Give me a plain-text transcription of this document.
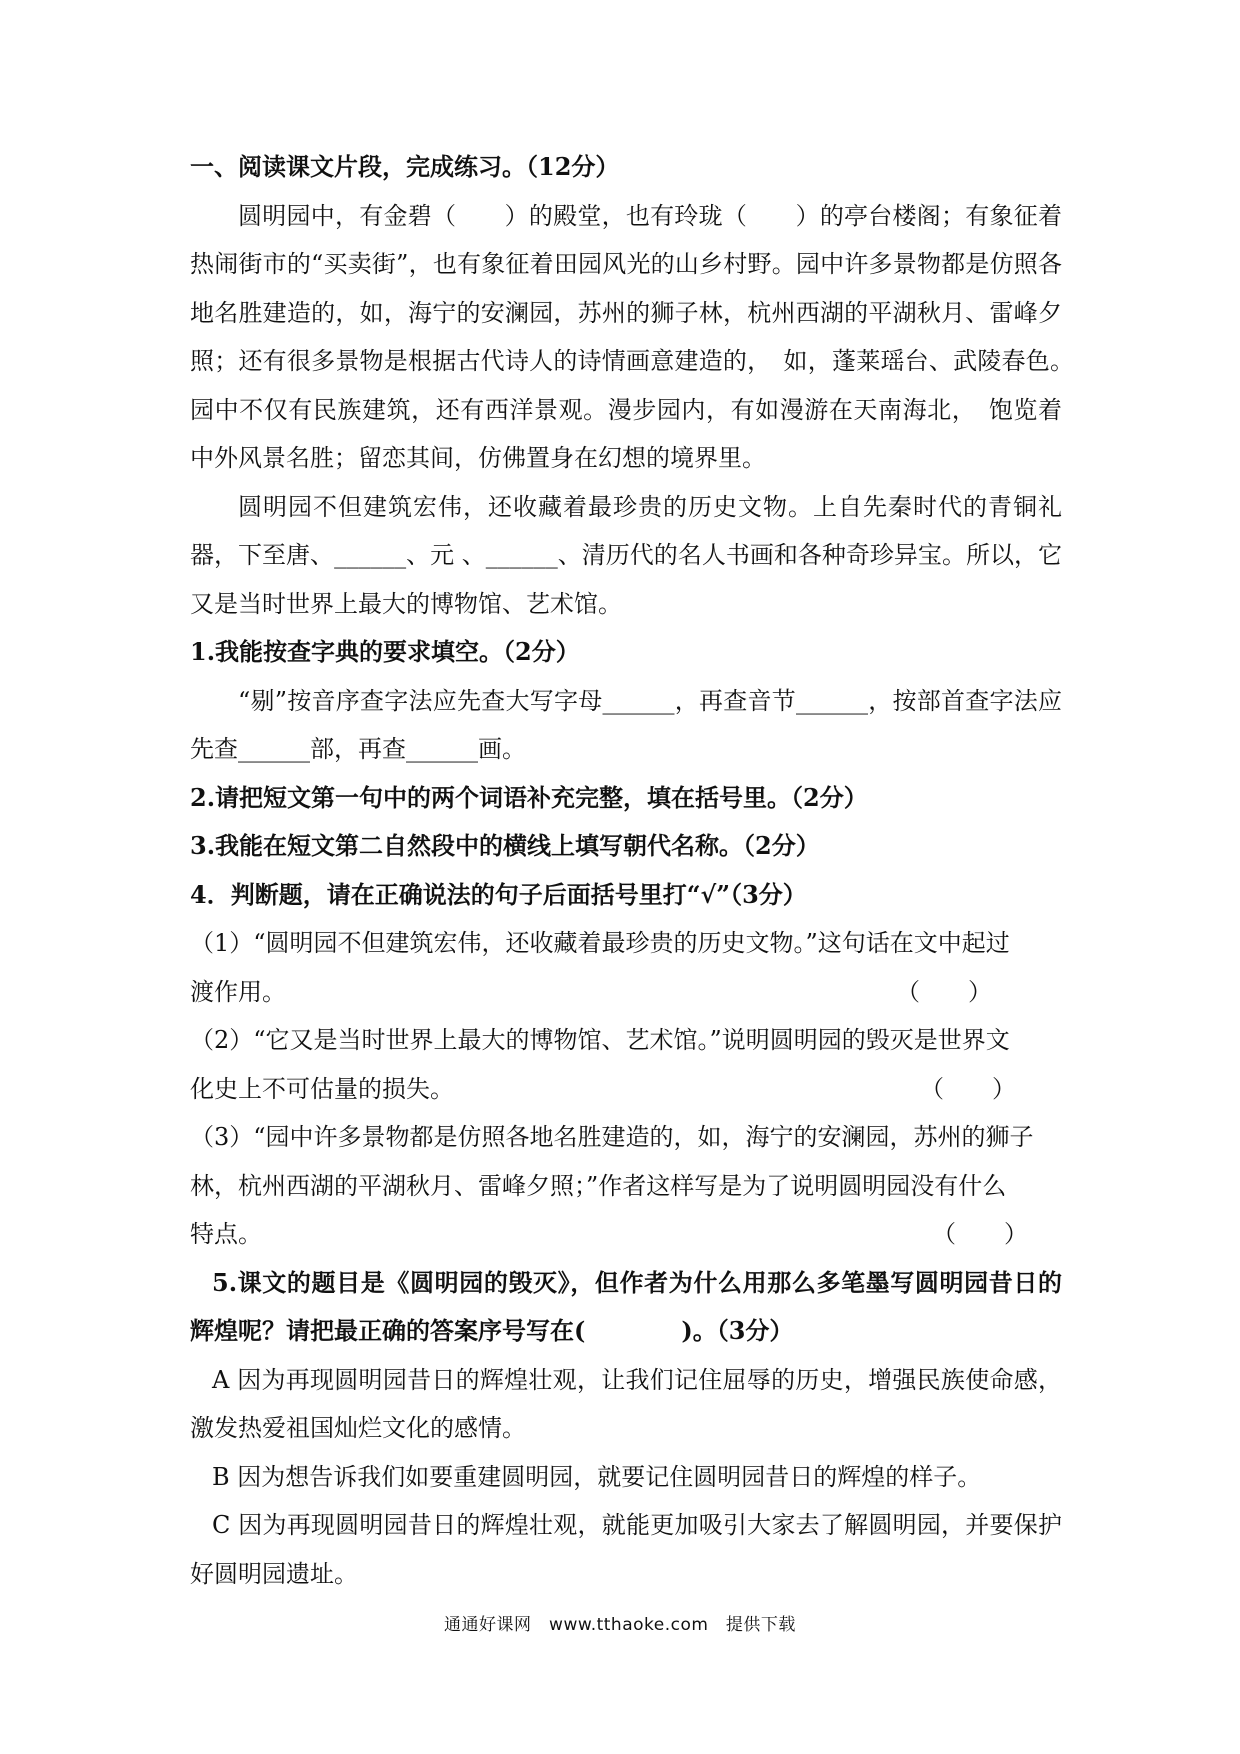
一、阅读课文片段，完成练习。（12分）

圆明园中，有金碧（　　）的殿堂，也有玲珑（　　）的亭台楼阁；有象征着热闹街市的“买卖街”，也有象征着田园风光的山乡村野。园中许多景物都是仿照各地名胜建造的，如，海宁的安澜园，苏州的狮子林，杭州西湖的平湖秋月、雷峰夕照；还有很多景物是根据古代诗人的诗情画意建造的，　如，蓬莱瑶台、武陵春色。　园中不仅有民族建筑，还有西洋景观。漫步园内，有如漫游在天南海北，　饱览着中外风景名胜；留恋其间，仿佛置身在幻想的境界里。

圆明园不但建筑宏伟，还收藏着最珍贵的历史文物。上自先秦时代的青铜礼器，下至唐、______、元 、______、清历代的名人书画和各种奇珍异宝。所以，它又是当时世界上最大的博物馆、艺术馆。

1.我能按查字典的要求填空。（2分）

“剔”按音序查字法应先查大写字母______，再查音节______，按部首查字法应先查______部，再查______画。

2.请把短文第一句中的两个词语补充完整，填在括号里。（2分）

3.我能在短文第二自然段中的横线上填写朝代名称。（2分）

4．判断题，请在正确说法的句子后面括号里打“√”（3分）

（1）“圆明园不但建筑宏伟，还收藏着最珍贵的历史文物。”这句话在文中起过

渡作用。	（　　）

（2）“它又是当时世界上最大的博物馆、艺术馆。”说明圆明园的毁灭是世界文

化史上不可估量的损失。	（　　）

（3）“园中许多景物都是仿照各地名胜建造的，如，海宁的安澜园，苏州的狮子

林，杭州西湖的平湖秋月、雷峰夕照；”作者这样写是为了说明圆明园没有什么

特点。	（　　）

5.课文的题目是《圆明园的毁灭》，但作者为什么用那么多笔墨写圆明园昔日的辉煌呢？请把最正确的答案序号写在(　　　　)。（3分）

A 因为再现圆明园昔日的辉煌壮观，让我们记住屈辱的历史，增强民族使命感，激发热爱祖国灿烂文化的感情。

B 因为想告诉我们如要重建圆明园，就要记住圆明园昔日的辉煌的样子。

C 因为再现圆明园昔日的辉煌壮观，就能更加吸引大家去了解圆明园，并要保护好圆明园遗址。

通通好课网　www.tthaoke.com　提供下载
